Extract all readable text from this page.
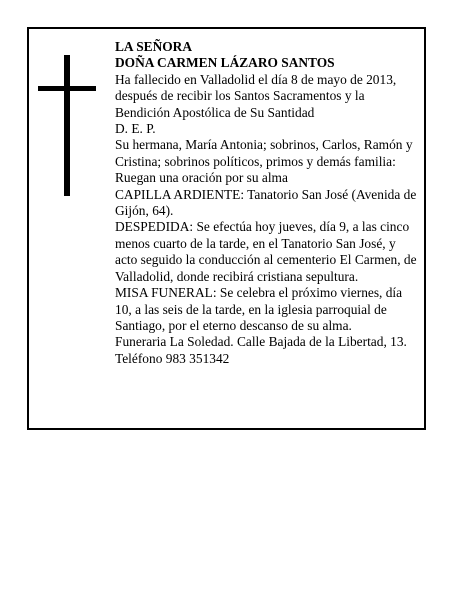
LA SEÑORA

DOÑA CARMEN LÁZARO SANTOS

Ha fallecido en Valladolid el día 8 de mayo de 2013, después de recibir los Santos Sacramentos y la Bendición Apostólica de Su Santidad

D. E. P.

Su hermana, María Antonia; sobrinos, Carlos, Ramón y Cristina; sobrinos políticos, primos y demás familia:

Ruegan una oración por su alma

CAPILLA ARDIENTE: Tanatorio San José (Avenida de Gijón, 64).

DESPEDIDA: Se efectúa hoy jueves, día 9, a las cinco menos cuarto de la tarde, en el Tanatorio San José, y acto seguido la conducción al cementerio El Carmen, de Valladolid, donde recibirá cristiana sepultura.

MISA FUNERAL: Se celebra el próximo viernes, día 10, a las seis de la tarde, en la iglesia parroquial de Santiago, por el eterno descanso de su alma.

Funeraria La Soledad. Calle Bajada de la Libertad, 13. Teléfono 983 351342
